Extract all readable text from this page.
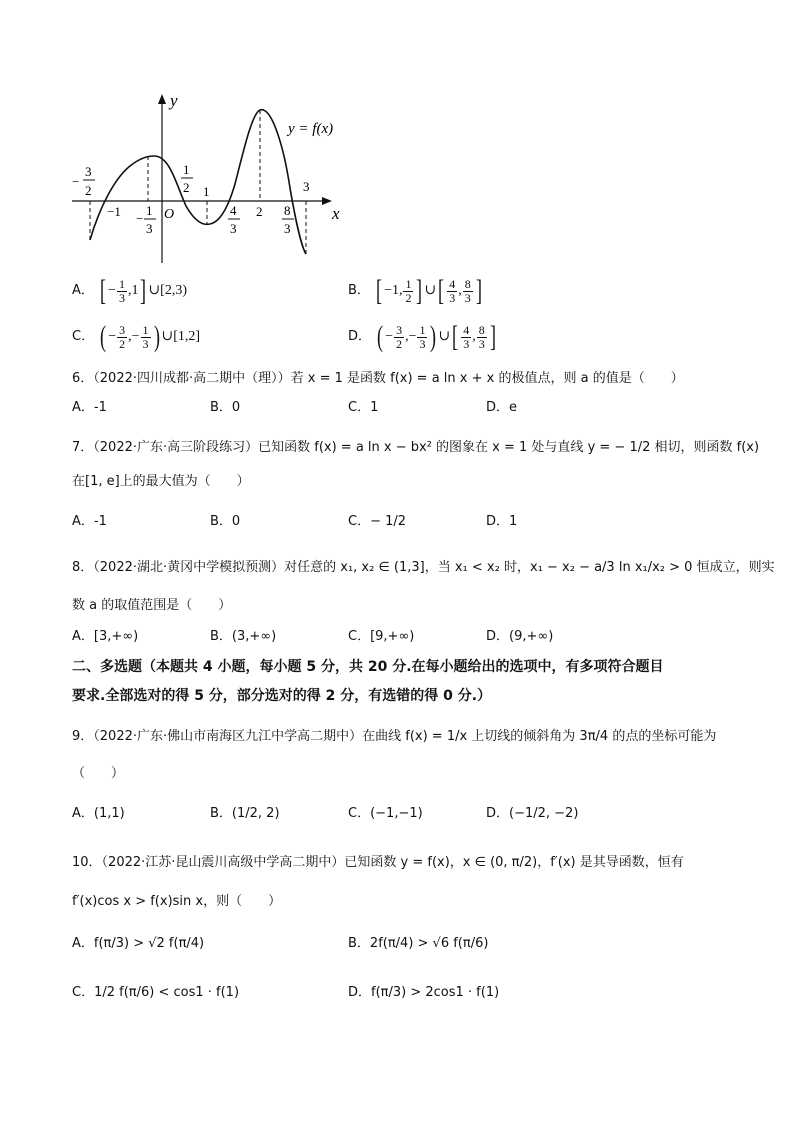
y
x
O
y = f(x)
−
3
2
−1 −
1
3
1
2 1
4
3
2 8
3
3
A． [ − $\frac{1}{3} ,1$] ∪[2,3)	B． [ −1, $\frac{1}{2}$ ] ∪[ $\frac{4}{3}$ , $\frac{8}{3}$ ]
C． ( − $\frac{3}{2}$ ,− $\frac{1}{3}$ ) ∪[1,2]	D． ( − $\frac{3}{2}$ ,− $\frac{1}{3}$ ) ∪[ $\frac{4}{3}$ , $\frac{8}{3}$ ]
6．（2022·四川成都·高二期中（理））若 x = 1 是函数 f(x) = a ln x + x 的极值点，则 a 的值是（　　）
A．-1	B．0	C．1	D．e
7．（2022·广东·高三阶段练习）已知函数 f(x) = a ln x − bx² 的图象在 x = 1 处与直线 y = − 1/2 相切，则函数 f(x)
在[1, e]上的最大值为（　　）
A．-1	B．0	C．− 1/2	D．1
8．（2022·湖北·黄冈中学模拟预测）对任意的 x₁, x₂ ∈ (1,3]，当 x₁ < x₂ 时，x₁ − x₂ − a/3 ln x₁/x₂ > 0 恒成立，则实
数 a 的取值范围是（　　）
A．[3,+∞)	B．(3,+∞)	C．[9,+∞)	D．(9,+∞)
二、多选题（本题共 4 小题，每小题 5 分，共 20 分.在每小题给出的选项中，有多项符合题目
要求.全部选对的得 5 分，部分选对的得 2 分，有选错的得 0 分.）
9．（2022·广东·佛山市南海区九江中学高二期中）在曲线 f(x) = 1/x 上切线的倾斜角为 3π/4 的点的坐标可能为
（　　）
A．(1,1)	B．(1/2, 2)	C．(−1,−1)	D．(−1/2, −2)
10．（2022·江苏·昆山震川高级中学高二期中）已知函数 y = f(x)，x ∈ (0, π/2)，f′(x) 是其导函数，恒有
f′(x)cos x > f(x)sin x，则（　　）
A．f(π/3) > √2 f(π/4)	B．2f(π/4) > √6 f(π/6)
C．1/2 f(π/6) < cos1 · f(1)	D．f(π/3) > 2cos1 · f(1)
